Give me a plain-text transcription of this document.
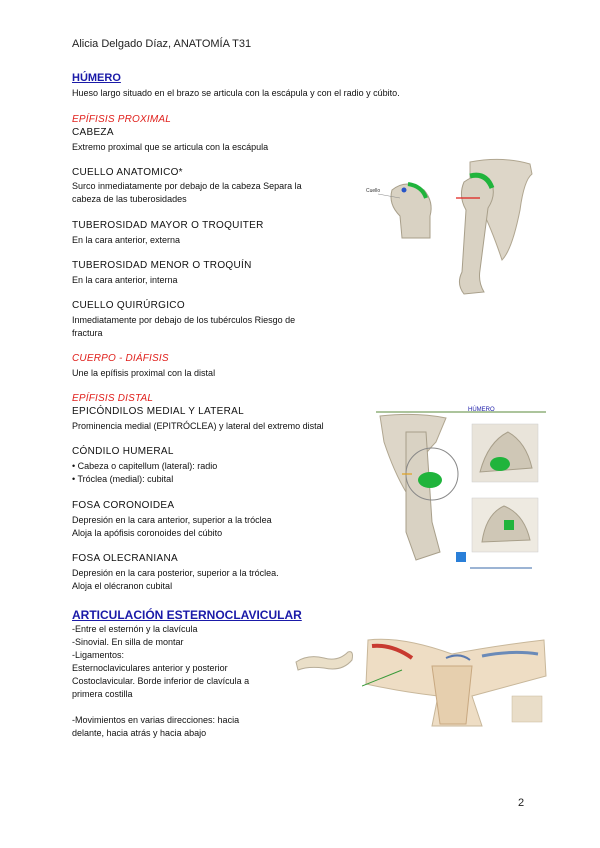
Alicia Delgado Díaz, ANATOMÍA T31
HÚMERO
Hueso largo situado en el brazo se articula con la escápula y con el radio y cúbito.
EPÍFISIS PROXIMAL
CABEZA
Extremo proximal que se articula con la escápula
CUELLO ANATOMICO*
Surco inmediatamente por debajo de la cabeza Separa la
cabeza de las tuberosidades
TUBEROSIDAD MAYOR O TROQUITER
En la cara anterior, externa
TUBEROSIDAD MENOR O TROQUÍN
En la cara anterior, interna
CUELLO QUIRÚRGICO
Inmediatamente por debajo de los tubérculos Riesgo de
fractura
CUERPO - DIÁFISIS
Une la epífisis proximal con la distal
EPÍFISIS DISTAL
EPICÓNDILOS MEDIAL Y LATERAL
Prominencia medial (EPITRÓCLEA) y lateral del extremo distal
CÓNDILO HUMERAL
• Cabeza o capitellum (lateral): radio
• Tróclea (medial): cubital
FOSA CORONOIDEA
Depresión en la cara anterior, superior a la tróclea
Aloja la apófisis coronoides del cúbito
FOSA OLECRANIANA
Depresión en la cara posterior, superior a la tróclea.
Aloja el olécranon cubital
ARTICULACIÓN ESTERNOCLAVICULAR
-Entre el esternón y la clavícula
-Sinovial. En silla de montar
-Ligamentos:
Esternoclaviculares anterior y posterior
Costoclavicular. Borde inferior de clavícula a
primera costilla
-Movimientos en varias direcciones: hacia
delante, hacia atrás y hacia abajo
Cuello
HÚMERO
2
